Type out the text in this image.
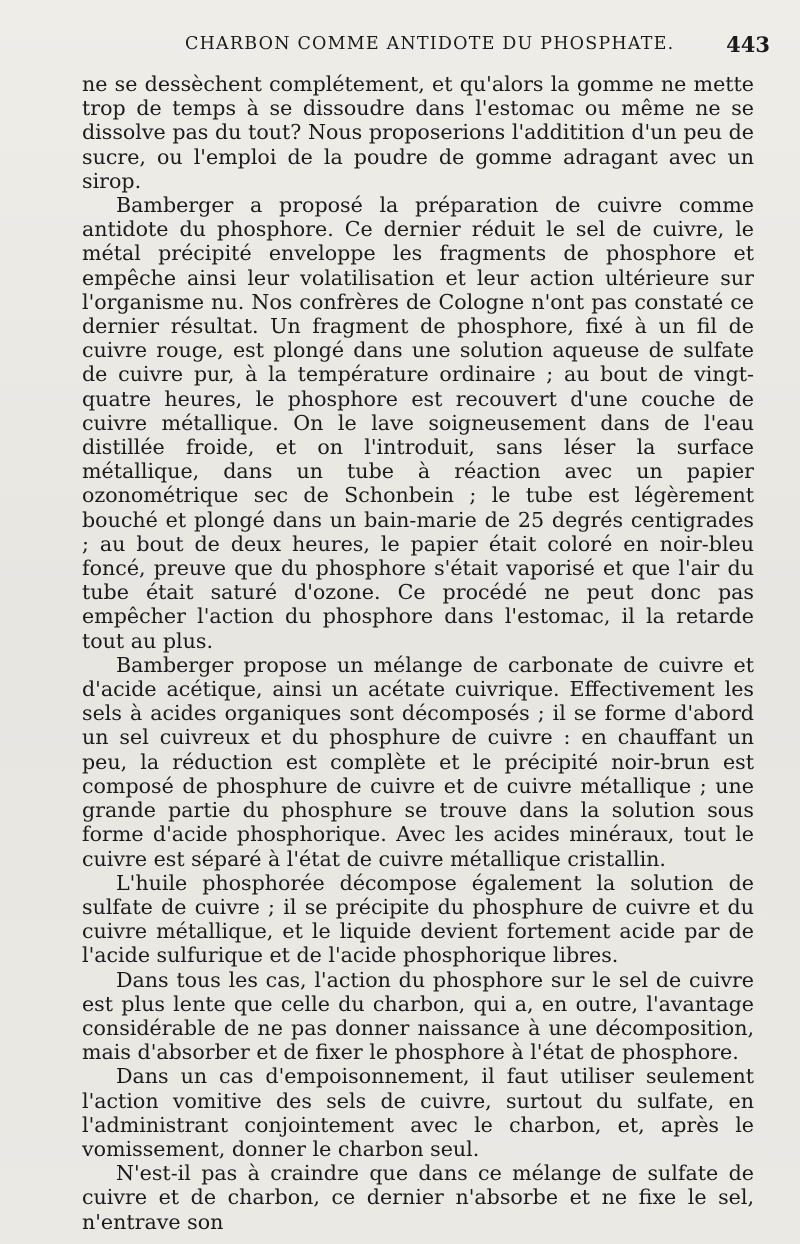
CHARBON COMME ANTIDOTE DU PHOSPHATE. 443

ne se dessèchent complétement, et qu'alors la gomme ne mette trop de temps à se dissoudre dans l'estomac ou même ne se dissolve pas du tout? Nous proposerions l'additition d'un peu de sucre, ou l'emploi de la poudre de gomme adragant avec un sirop.

Bamberger a proposé la préparation de cuivre comme antidote du phosphore. Ce dernier réduit le sel de cuivre, le métal précipité enveloppe les fragments de phosphore et empêche ainsi leur volatilisation et leur action ultérieure sur l'organisme nu. Nos confrères de Cologne n'ont pas constaté ce dernier résultat. Un fragment de phosphore, fixé à un fil de cuivre rouge, est plongé dans une solution aqueuse de sulfate de cuivre pur, à la température ordinaire ; au bout de vingt-quatre heures, le phosphore est recouvert d'une couche de cuivre métallique. On le lave soigneusement dans de l'eau distillée froide, et on l'introduit, sans léser la surface métallique, dans un tube à réaction avec un papier ozonométrique sec de Schonbein ; le tube est légèrement bouché et plongé dans un bain-marie de 25 degrés centigrades ; au bout de deux heures, le papier était coloré en noir-bleu foncé, preuve que du phosphore s'était vaporisé et que l'air du tube était saturé d'ozone. Ce procédé ne peut donc pas empêcher l'action du phosphore dans l'estomac, il la retarde tout au plus.

Bamberger propose un mélange de carbonate de cuivre et d'acide acétique, ainsi un acétate cuivrique. Effectivement les sels à acides organiques sont décomposés ; il se forme d'abord un sel cuivreux et du phosphure de cuivre : en chauffant un peu, la réduction est complète et le précipité noir-brun est composé de phosphure de cuivre et de cuivre métallique ; une grande partie du phosphure se trouve dans la solution sous forme d'acide phosphorique. Avec les acides minéraux, tout le cuivre est séparé à l'état de cuivre métallique cristallin.

L'huile phosphorée décompose également la solution de sulfate de cuivre ; il se précipite du phosphure de cuivre et du cuivre métallique, et le liquide devient fortement acide par de l'acide sulfurique et de l'acide phosphorique libres.

Dans tous les cas, l'action du phosphore sur le sel de cuivre est plus lente que celle du charbon, qui a, en outre, l'avantage considérable de ne pas donner naissance à une décomposition, mais d'absorber et de fixer le phosphore à l'état de phosphore.

Dans un cas d'empoisonnement, il faut utiliser seulement l'action vomitive des sels de cuivre, surtout du sulfate, en l'administrant conjointement avec le charbon, et, après le vomissement, donner le charbon seul.

N'est-il pas à craindre que dans ce mélange de sulfate de cuivre et de charbon, ce dernier n'absorbe et ne fixe le sel, n'entrave son
